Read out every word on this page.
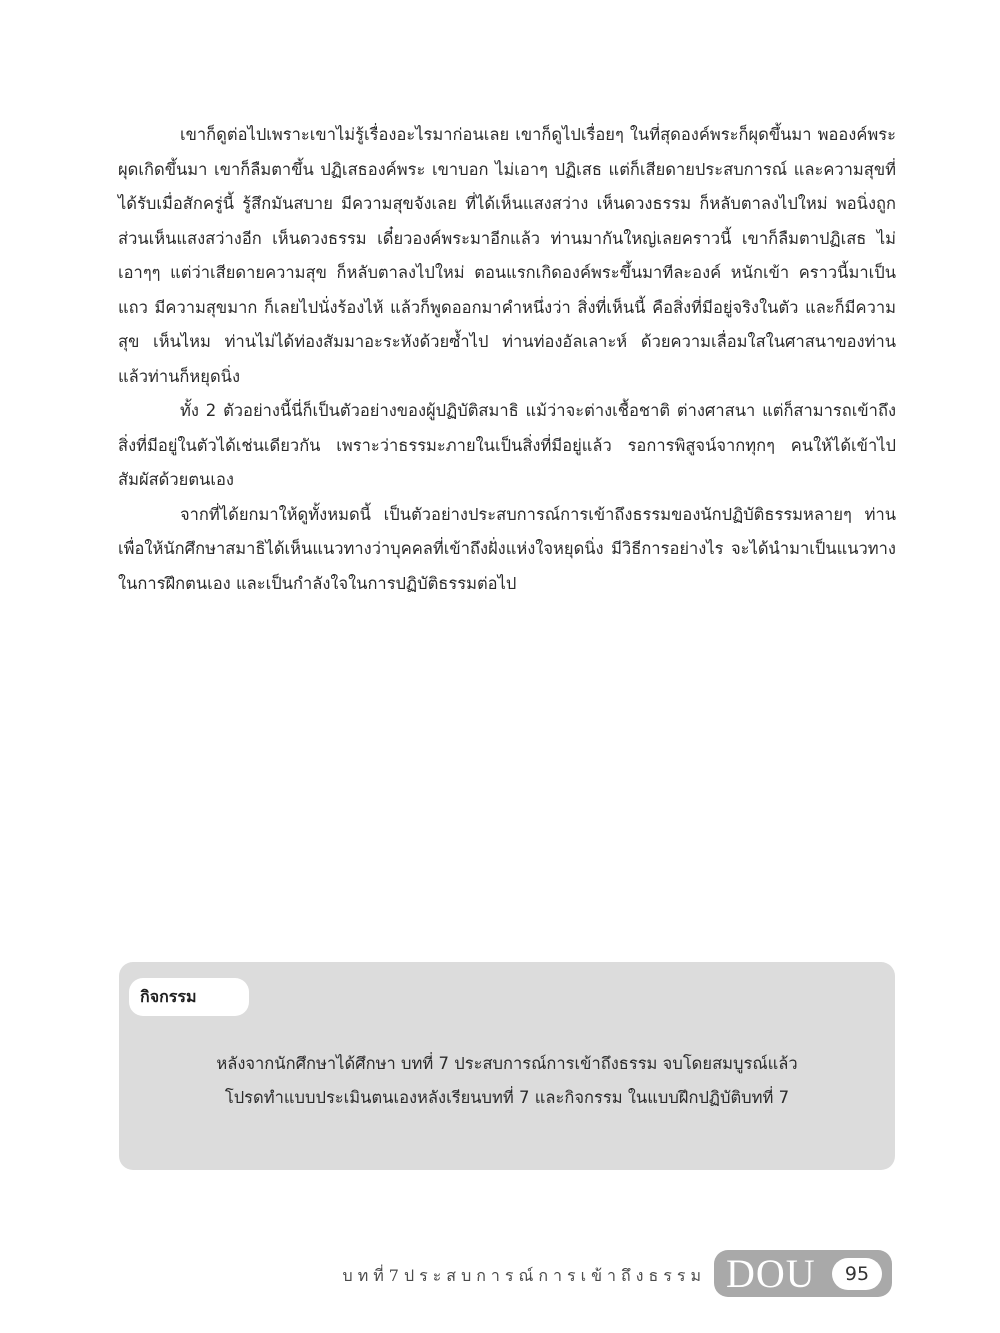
เขาก็ดูต่อไปเพราะเขาไม่รู้เรื่องอะไรมาก่อนเลย เขาก็ดูไปเรื่อยๆ ในที่สุดองค์พระก็ผุดขึ้นมา พอองค์พระผุดเกิดขึ้นมา เขาก็ลืมตาขึ้น ปฏิเสธองค์พระ เขาบอก ไม่เอาๆ ปฏิเสธ แต่ก็เสียดายประสบการณ์ และความสุขที่ได้รับเมื่อสักครู่นี้ รู้สึกมันสบาย มีความสุขจังเลย ที่ได้เห็นแสงสว่าง เห็นดวงธรรม ก็หลับตาลงไปใหม่ พอนิ่งถูกส่วนเห็นแสงสว่างอีก เห็นดวงธรรม เดี๋ยวองค์พระมาอีกแล้ว ท่านมากันใหญ่เลยคราวนี้ เขาก็ลืมตาปฏิเสธ ไม่เอาๆๆ แต่ว่าเสียดายความสุข ก็หลับตาลงไปใหม่ ตอนแรกเกิดองค์พระขึ้นมาทีละองค์ หนักเข้า คราวนี้มาเป็นแถว มีความสุขมาก ก็เลยไปนั่งร้องไห้ แล้วก็พูดออกมาคำหนึ่งว่า สิ่งที่เห็นนี้ คือสิ่งที่มีอยู่จริงในตัว และก็มีความสุข เห็นไหม ท่านไม่ได้ท่องสัมมาอะระหังด้วยซ้ำไป ท่านท่องอัลเลาะห์ ด้วยความเลื่อมใสในศาสนาของท่าน แล้วท่านก็หยุดนิ่ง

ทั้ง 2 ตัวอย่างนี้นี่ก็เป็นตัวอย่างของผู้ปฏิบัติสมาธิ แม้ว่าจะต่างเชื้อชาติ ต่างศาสนา แต่ก็สามารถเข้าถึงสิ่งที่มีอยู่ในตัวได้เช่นเดียวกัน เพราะว่าธรรมะภายในเป็นสิ่งที่มีอยู่แล้ว รอการพิสูจน์จากทุกๆ คนให้ได้เข้าไปสัมผัสด้วยตนเอง

จากที่ได้ยกมาให้ดูทั้งหมดนี้ เป็นตัวอย่างประสบการณ์การเข้าถึงธรรมของนักปฏิบัติธรรมหลายๆ ท่าน เพื่อให้นักศึกษาสมาธิได้เห็นแนวทางว่าบุคคลที่เข้าถึงฝั่งแห่งใจหยุดนิ่ง มีวิธีการอย่างไร จะได้นำมาเป็นแนวทางในการฝึกตนเอง และเป็นกำลังใจในการปฏิบัติธรรมต่อไป

กิจกรรม
หลังจากนักศึกษาได้ศึกษา บทที่ 7 ประสบการณ์การเข้าถึงธรรม จบโดยสมบูรณ์แล้ว
โปรดทำแบบประเมินตนเองหลังเรียนบทที่ 7 และกิจกรรม ในแบบฝึกปฏิบัติบทที่ 7
บทที่7ประสบการณ์การเข้าถึงธรรม DOU	95
